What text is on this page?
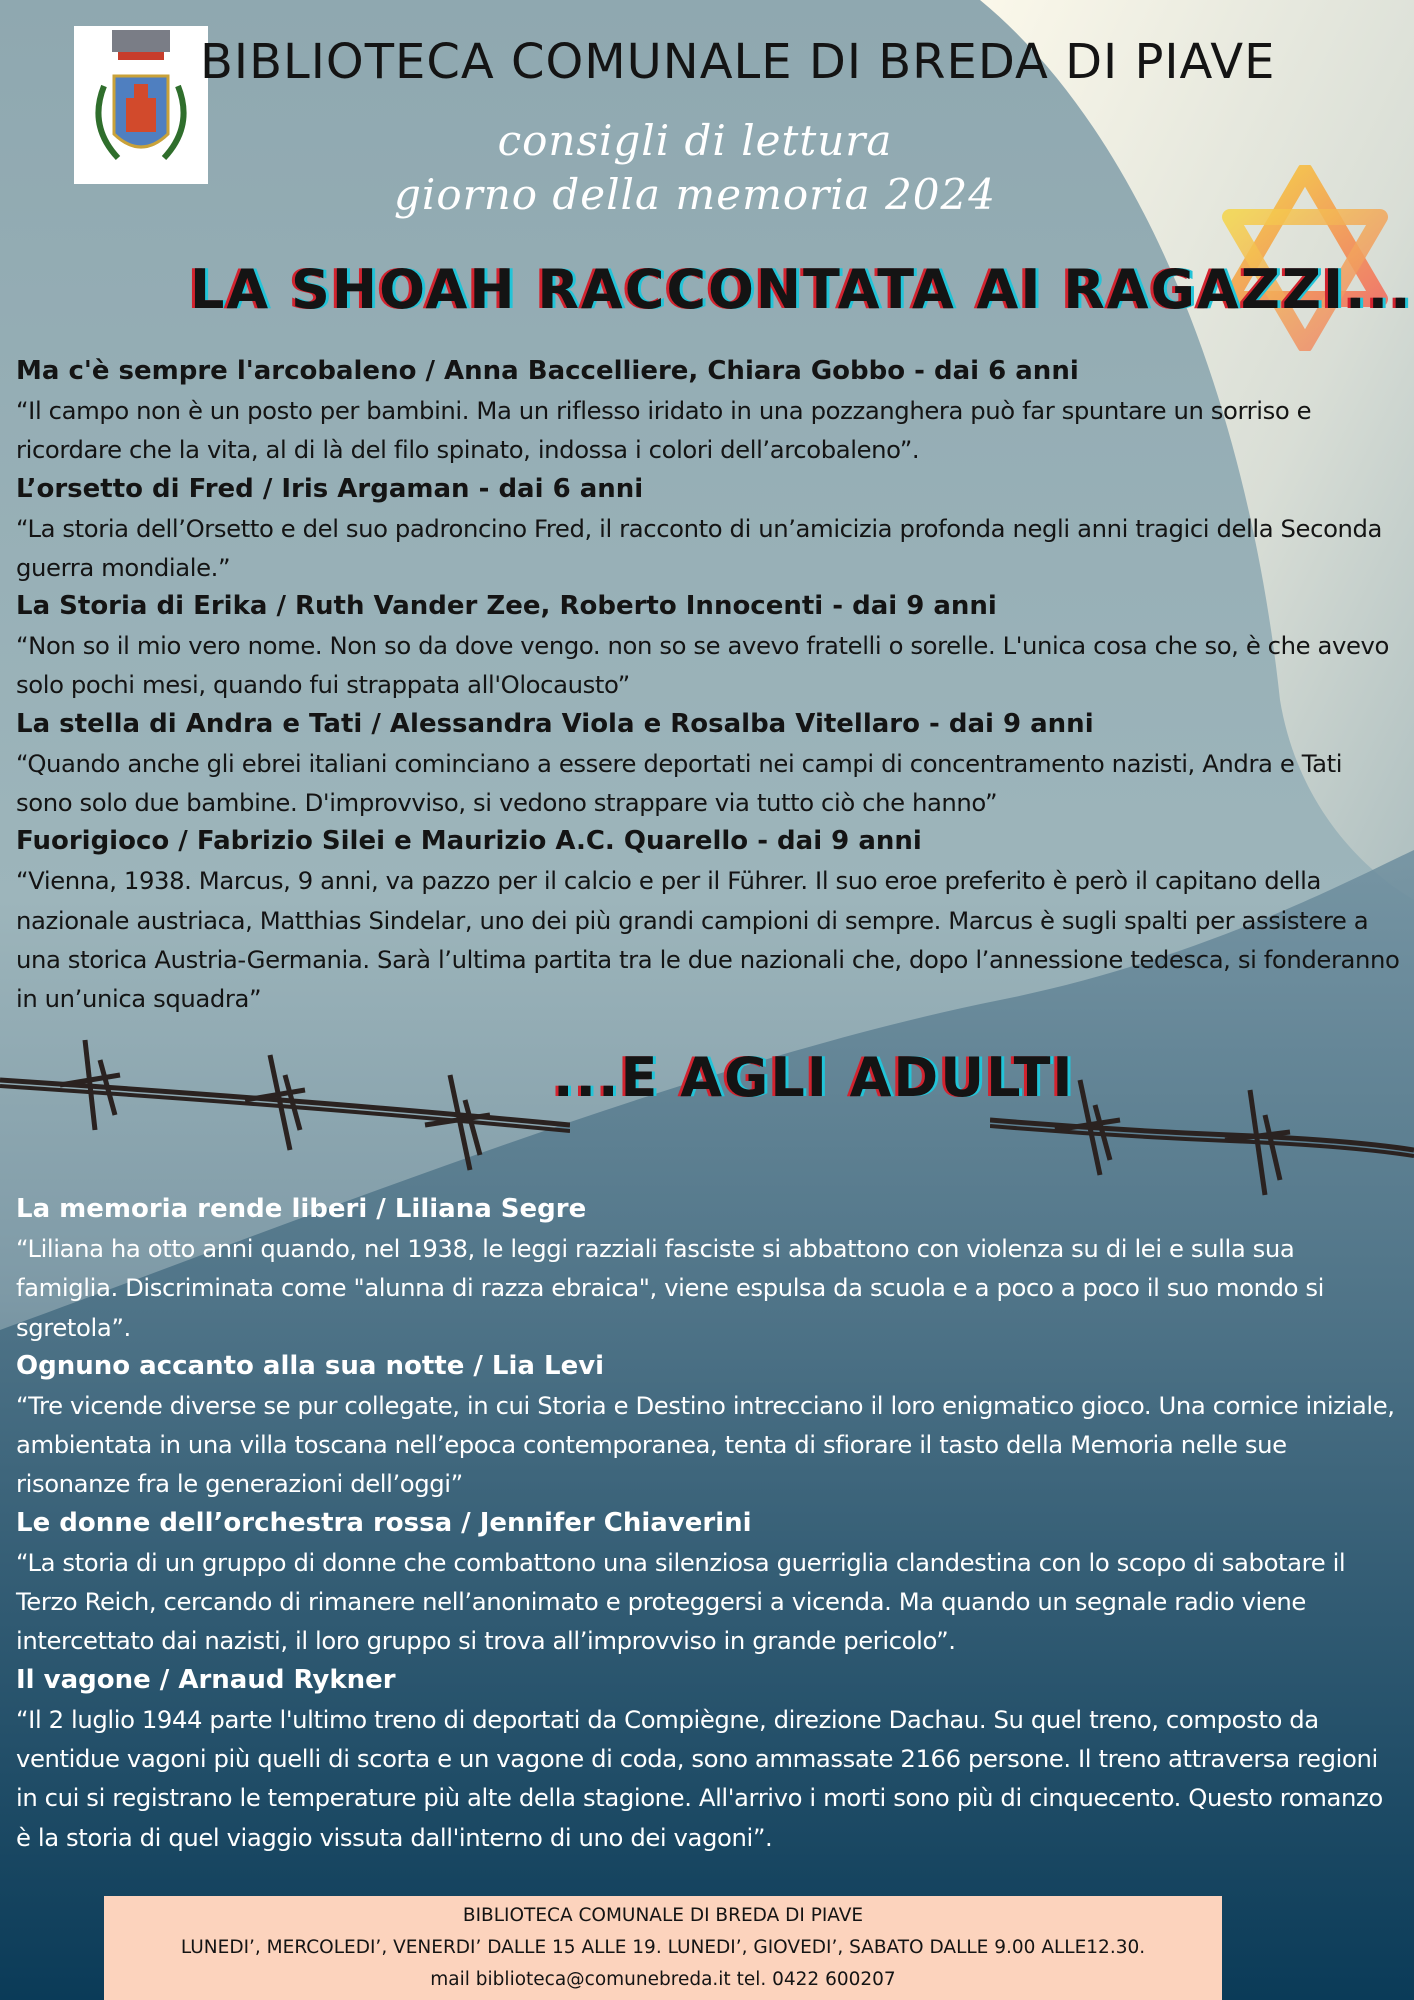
BIBLIOTECA COMUNALE DI BREDA DI PIAVE
consigli di lettura
giorno della memoria 2024
LA SHOAH RACCONTATA AI RAGAZZI...
Ma c'è sempre l'arcobaleno / Anna Baccelliere, Chiara Gobbo - dai 6 anni
“Il campo non è un posto per bambini. Ma un riflesso iridato in una pozzanghera può far spuntare un sorriso e ricordare che la vita, al di là del filo spinato, indossa i colori dell’arcobaleno”.
L’orsetto di Fred / Iris Argaman - dai 6 anni
“La storia dell’Orsetto e del suo padroncino Fred, il racconto di un’amicizia profonda negli anni tragici della Seconda guerra mondiale.”
La Storia di Erika / Ruth Vander Zee, Roberto Innocenti - dai 9 anni
“Non so il mio vero nome. Non so da dove vengo. non so se avevo fratelli o sorelle. L'unica cosa che so, è che avevo solo pochi mesi, quando fui strappata all'Olocausto”
La stella di Andra e Tati / Alessandra Viola e Rosalba Vitellaro - dai 9 anni
“Quando anche gli ebrei italiani cominciano a essere deportati nei campi di concentramento nazisti, Andra e Tati sono solo due bambine. D'improvviso, si vedono strappare via tutto ciò che hanno”
Fuorigioco / Fabrizio Silei e Maurizio A.C. Quarello - dai 9 anni
“Vienna, 1938. Marcus, 9 anni, va pazzo per il calcio e per il Führer. Il suo eroe preferito è però il capitano della nazionale austriaca, Matthias Sindelar, uno dei più grandi campioni di sempre. Marcus è sugli spalti per assistere a una storica Austria-Germania. Sarà l’ultima partita tra le due nazionali che, dopo l’annessione tedesca, si fonderanno in un’unica squadra”
...E AGLI ADULTI
La memoria rende liberi / Liliana Segre
“Liliana ha otto anni quando, nel 1938, le leggi razziali fasciste si abbattono con violenza su di lei e sulla sua famiglia. Discriminata come "alunna di razza ebraica", viene espulsa da scuola e a poco a poco il suo mondo si sgretola”.
Ognuno accanto alla sua notte / Lia Levi
“Tre vicende diverse se pur collegate, in cui Storia e Destino intrecciano il loro enigmatico gioco. Una cornice iniziale, ambientata in una villa toscana nell’epoca contemporanea, tenta di sfiorare il tasto della Memoria nelle sue risonanze fra le generazioni dell’oggi”
Le donne dell’orchestra rossa / Jennifer Chiaverini
“La storia di un gruppo di donne che combattono una silenziosa guerriglia clandestina con lo scopo di sabotare il Terzo Reich, cercando di rimanere nell’anonimato e proteggersi a vicenda. Ma quando un segnale radio viene intercettato dai nazisti, il loro gruppo si trova all’improvviso in grande pericolo”.
Il vagone / Arnaud Rykner
“Il 2 luglio 1944 parte l'ultimo treno di deportati da Compiègne, direzione Dachau. Su quel treno, composto da ventidue vagoni più quelli di scorta e un vagone di coda, sono ammassate 2166 persone. Il treno attraversa regioni in cui si registrano le temperature più alte della stagione. All'arrivo i morti sono più di cinquecento. Questo romanzo è la storia di quel viaggio vissuta dall'interno di uno dei vagoni”.
BIBLIOTECA COMUNALE DI BREDA DI PIAVE
LUNEDI’, MERCOLEDI’, VENERDI’ DALLE 15 ALLE 19. LUNEDI’, GIOVEDI’, SABATO DALLE 9.00 ALLE12.30.
mail biblioteca@comunebreda.it tel. 0422 600207
